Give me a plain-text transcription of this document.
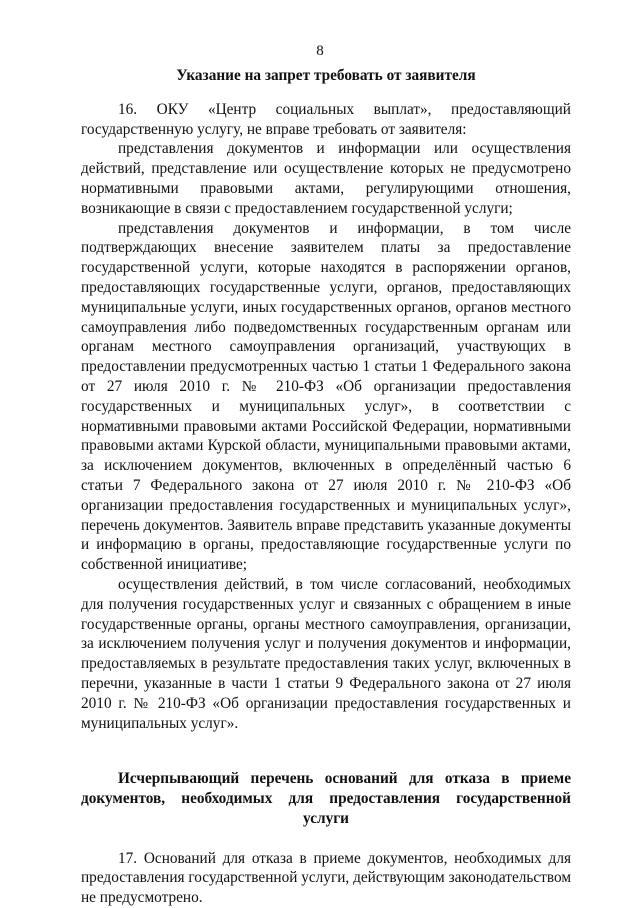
8

Указание на запрет требовать от заявителя

16. ОКУ «Центр социальных выплат», предоставляющий государственную услугу, не вправе требовать от заявителя:

представления документов и информации или осуществления действий, представление или осуществление которых не предусмотрено нормативными правовыми актами, регулирующими отношения, возникающие в связи с предоставлением государственной услуги;

представления документов и информации, в том числе подтверждающих внесение заявителем платы за предоставление государственной услуги, которые находятся в распоряжении органов, предоставляющих государственные услуги, органов, предоставляющих муниципальные услуги, иных государственных органов, органов местного самоуправления либо подведомственных государственным органам или органам местного самоуправления организаций, участвующих в предоставлении предусмотренных частью 1 статьи 1 Федерального закона от 27 июля 2010 г. № 210-ФЗ «Об организации предоставления государственных и муниципальных услуг», в соответствии с нормативными правовыми актами Российской Федерации, нормативными правовыми актами Курской области, муниципальными правовыми актами, за исключением документов, включенных в определённый частью 6 статьи 7 Федерального закона от 27 июля 2010 г. № 210-ФЗ «Об организации предоставления государственных и муниципальных услуг», перечень документов. Заявитель вправе представить указанные документы и информацию в органы, предоставляющие государственные услуги по собственной инициативе;

осуществления действий, в том числе согласований, необходимых для получения государственных услуг и связанных с обращением в иные государственные органы, органы местного самоуправления, организации, за исключением получения услуг и получения документов и информации, предоставляемых в результате предоставления таких услуг, включенных в перечни, указанные в части 1 статьи 9 Федерального закона от 27 июля 2010 г. № 210-ФЗ «Об организации предоставления государственных и муниципальных услуг».

Исчерпывающий перечень оснований для отказа в приеме документов, необходимых для предоставления государственной услуги

17. Оснований для отказа в приеме документов, необходимых для предоставления государственной услуги, действующим законодательством не предусмотрено.
